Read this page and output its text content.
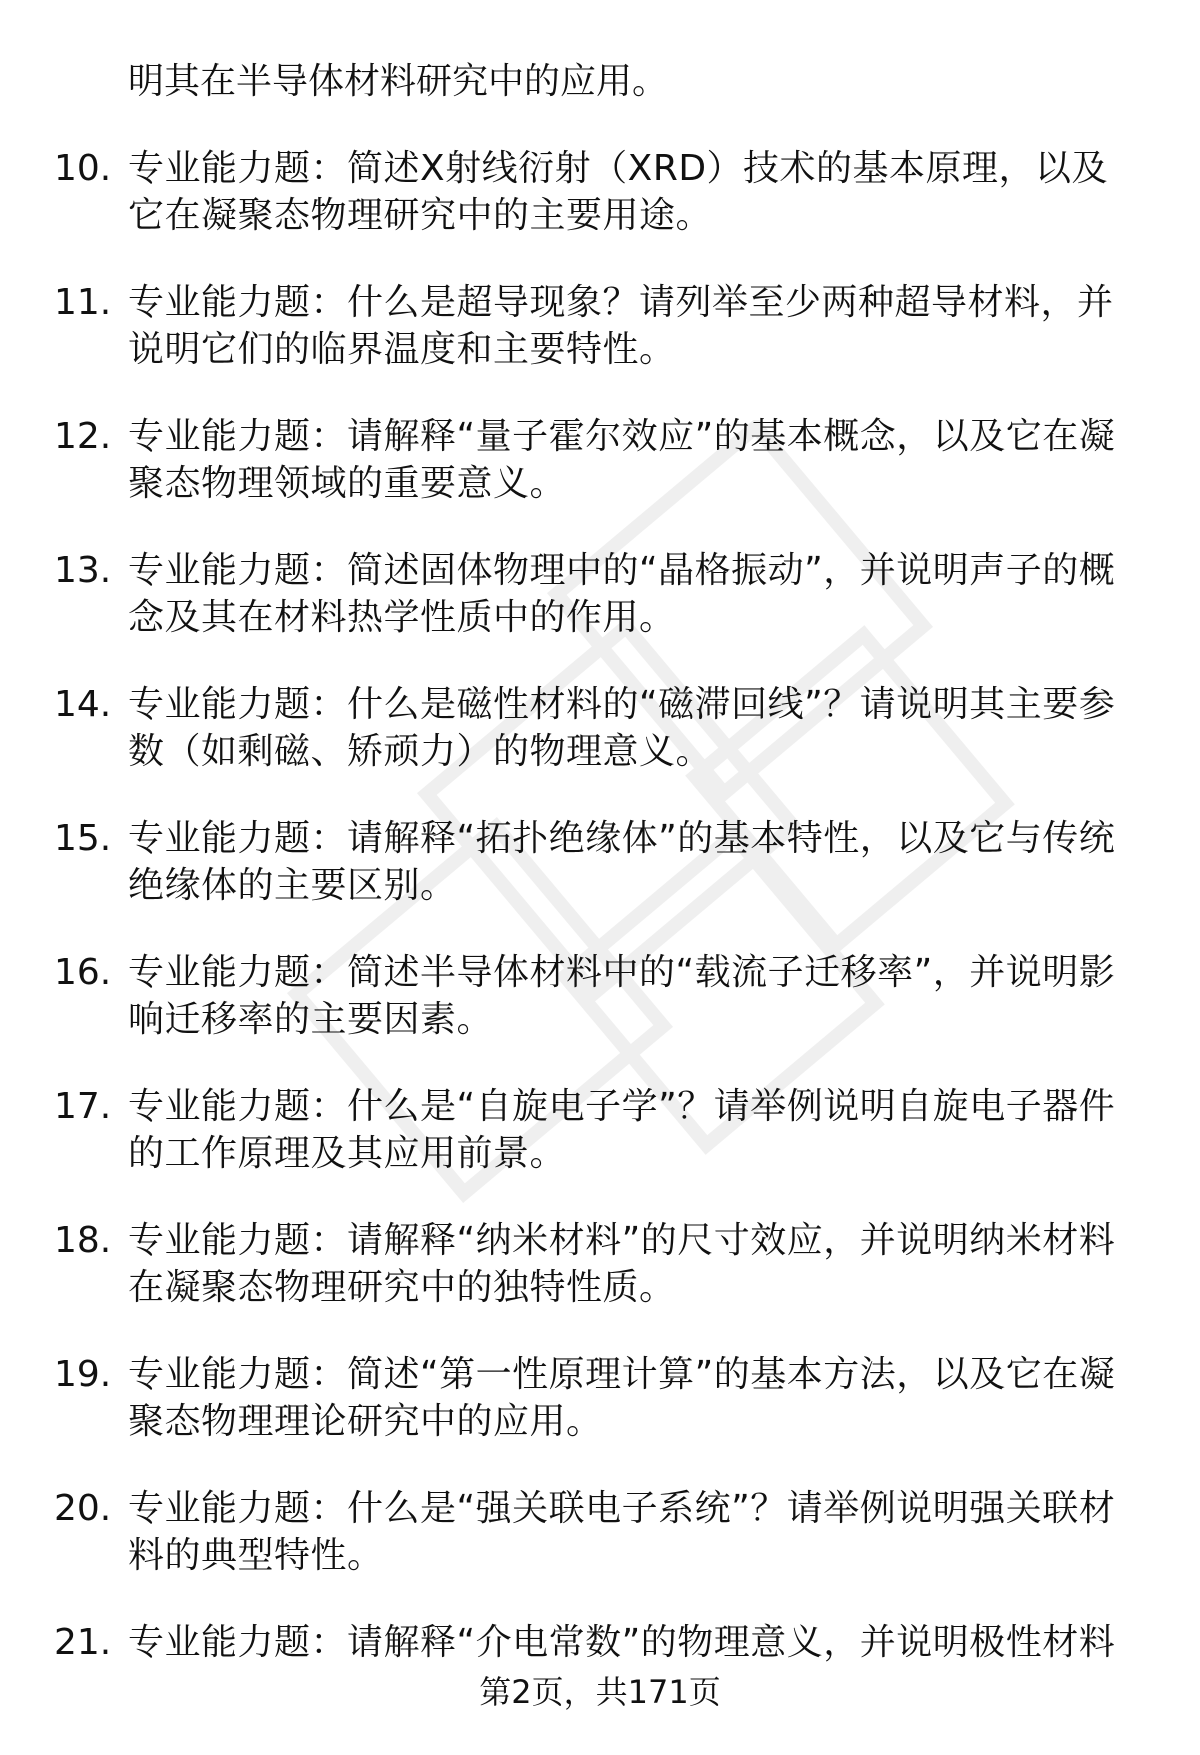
明其在半导体材料研究中的应用。
10. 专业能力题：简述X射线衍射（XRD）技术的基本原理，以及它在凝聚态物理研究中的主要用途。
11. 专业能力题：什么是超导现象？请列举至少两种超导材料，并说明它们的临界温度和主要特性。
12. 专业能力题：请解释“量子霍尔效应”的基本概念，以及它在凝聚态物理领域的重要意义。
13. 专业能力题：简述固体物理中的“晶格振动”，并说明声子的概念及其在材料热学性质中的作用。
14. 专业能力题：什么是磁性材料的“磁滞回线”？请说明其主要参数（如剩磁、矫顽力）的物理意义。
15. 专业能力题：请解释“拓扑绝缘体”的基本特性，以及它与传统绝缘体的主要区别。
16. 专业能力题：简述半导体材料中的“载流子迁移率”，并说明影响迁移率的主要因素。
17. 专业能力题：什么是“自旋电子学”？请举例说明自旋电子器件的工作原理及其应用前景。
18. 专业能力题：请解释“纳米材料”的尺寸效应，并说明纳米材料在凝聚态物理研究中的独特性质。
19. 专业能力题：简述“第一性原理计算”的基本方法，以及它在凝聚态物理理论研究中的应用。
20. 专业能力题：什么是“强关联电子系统”？请举例说明强关联材料的典型特性。
21. 专业能力题：请解释“介电常数”的物理意义，并说明极性材料
第2页，共171页
